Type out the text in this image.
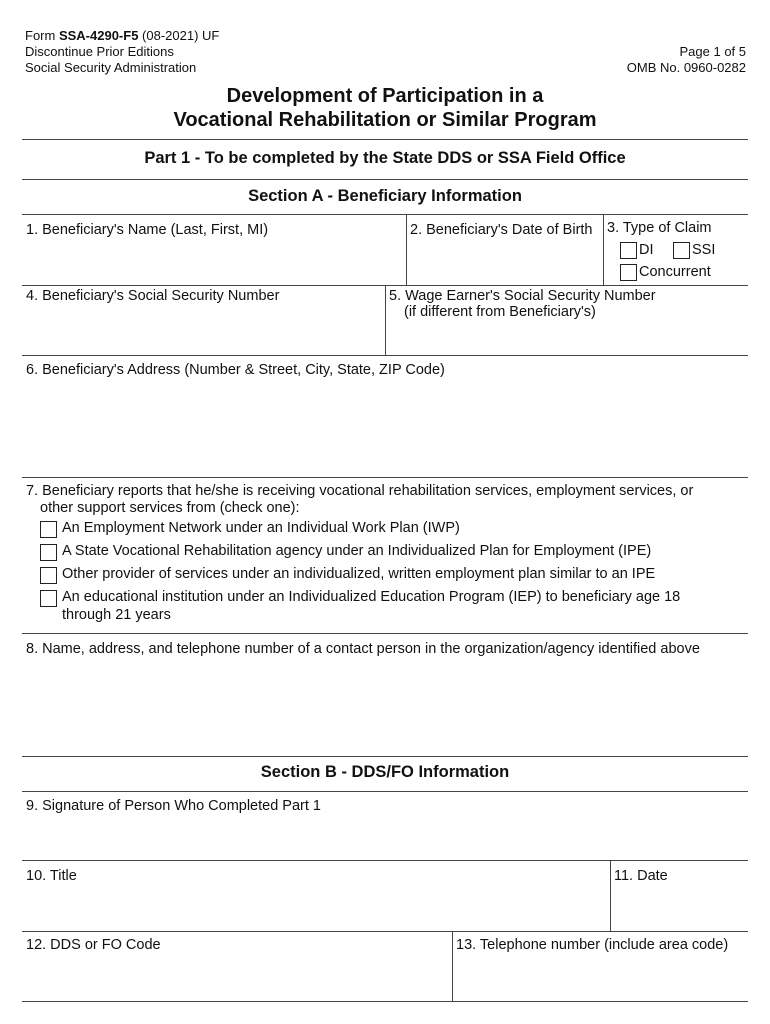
Form SSA-4290-F5 (08-2021) UF
Discontinue Prior Editions
Social Security Administration
Page 1 of 5
OMB No. 0960-0282
Development of Participation in a
Vocational Rehabilitation or Similar Program
Part 1 - To be completed by the State DDS or SSA Field Office
Section A - Beneficiary Information
1. Beneficiary's Name (Last, First, MI)	2. Beneficiary's Date of Birth 3. Type of Claim
DI	SSI
Concurrent
4. Beneficiary's Social Security Number	5. Wage Earner's Social Security Number
(if different from Beneficiary's)
6. Beneficiary's Address (Number & Street, City, State, ZIP Code)
7. Beneficiary reports that he/she is receiving vocational rehabilitation services, employment services, or
other support services from (check one):
An Employment Network under an Individual Work Plan (IWP)
A State Vocational Rehabilitation agency under an Individualized Plan for Employment (IPE)
Other provider of services under an individualized, written employment plan similar to an IPE
An educational institution under an Individualized Education Program (IEP) to beneficiary age 18
through 21 years
8. Name, address, and telephone number of a contact person in the organization/agency identified above
Section B - DDS/FO Information
9. Signature of Person Who Completed Part 1
10. Title	11. Date
12. DDS or FO Code	13. Telephone number (include area code)
